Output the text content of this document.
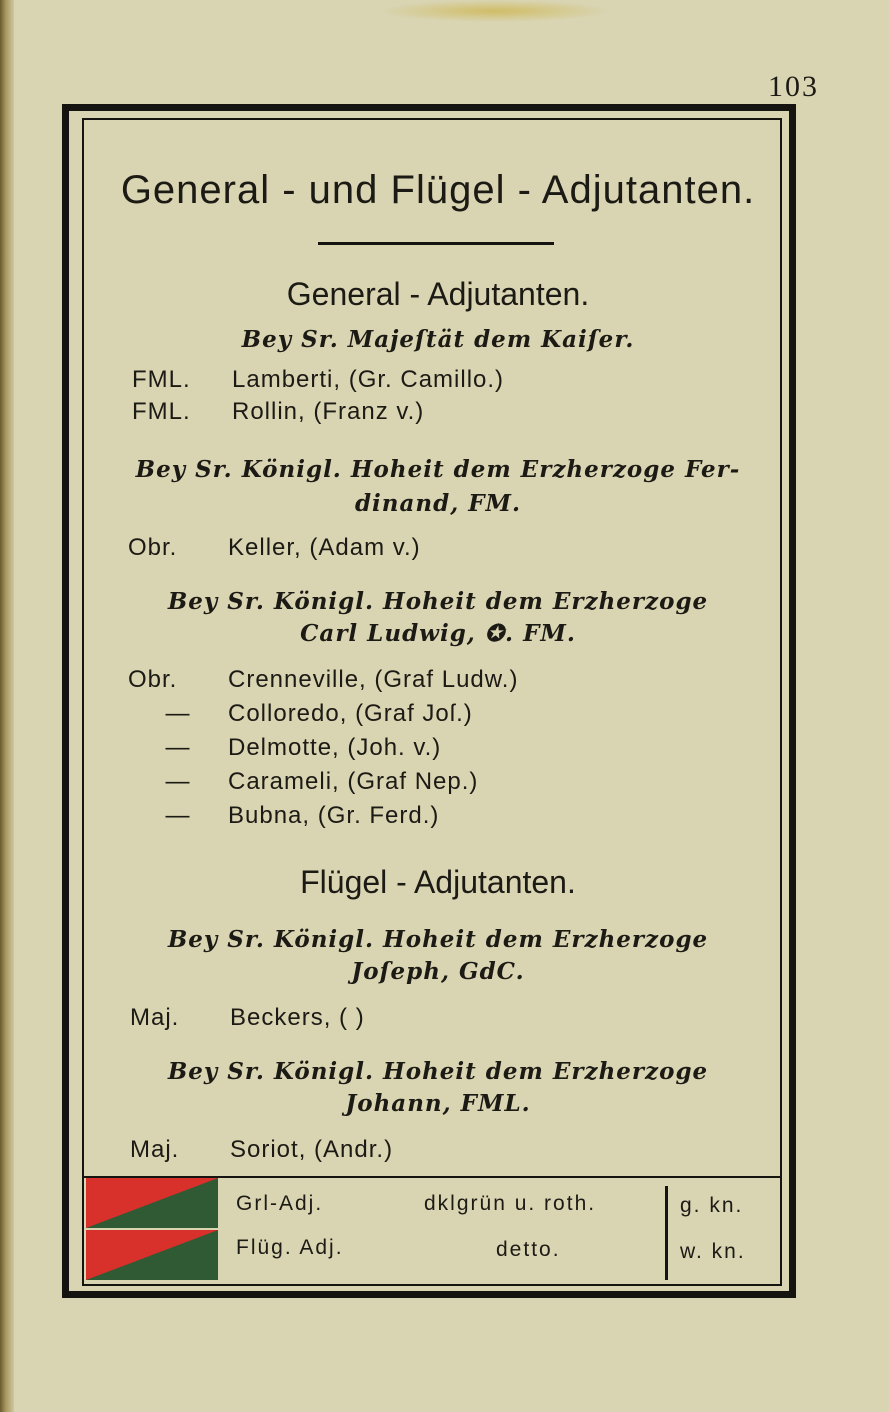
103
General - und Flügel - Adjutanten.
General - Adjutanten.
Bey Sr. Majeſtät dem Kaiſer.
FML. Lamberti, (Gr. Camillo.)
FML. Rollin, (Franz v.)
Bey Sr. Königl. Hoheit dem Erzherzoge Fer-
dinand, FM.
Obr. Keller, (Adam v.)
Bey Sr. Königl. Hoheit dem Erzherzoge
Carl Ludwig, ✪. FM.
Obr. Crenneville, (Graf Ludw.)
— Colloredo, (Graf Joſ.)
— Delmotte, (Joh. v.)
— Carameli, (Graf Nep.)
— Bubna, (Gr. Ferd.)
Flügel - Adjutanten.
Bey Sr. Königl. Hoheit dem Erzherzoge
Joſeph, GdC.
Maj. Beckers, ( )
Bey Sr. Königl. Hoheit dem Erzherzoge
Johann, FML.
Maj. Soriot, (Andr.)
Grl-Adj.	dklgrün u. roth.	g. kn.
Flüg. Adj.	detto.	w. kn.
